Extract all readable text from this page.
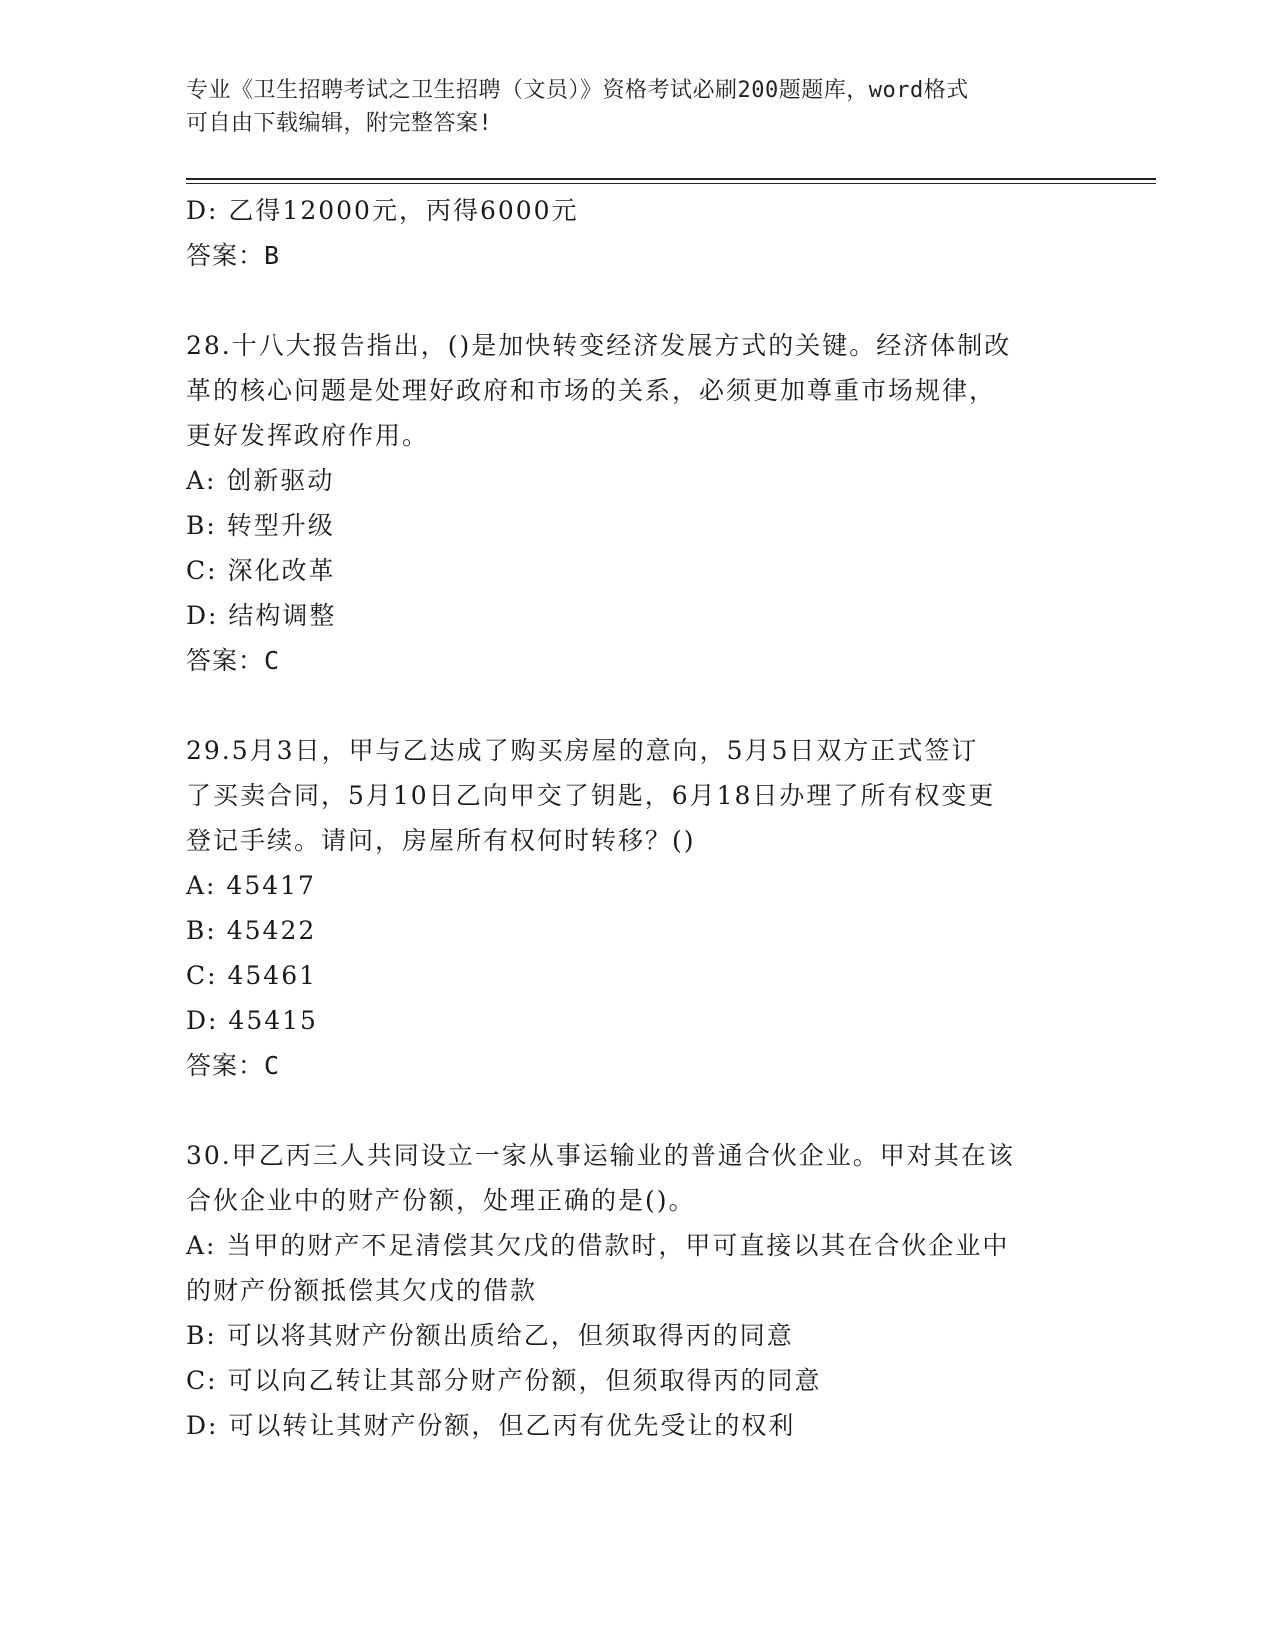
专业《卫生招聘考试之卫生招聘（文员）》资格考试必刷200题题库，word格式
可自由下载编辑，附完整答案!
D: 乙得12000元，丙得6000元
答案：B
28.十八大报告指出，()是加快转变经济发展方式的关键。经济体制改
革的核心问题是处理好政府和市场的关系，必须更加尊重市场规律，
更好发挥政府作用。
A: 创新驱动
B: 转型升级
C: 深化改革
D: 结构调整
答案：C
29.5月3日，甲与乙达成了购买房屋的意向，5月5日双方正式签订
了买卖合同，5月10日乙向甲交了钥匙，6月18日办理了所有权变更
登记手续。请问，房屋所有权何时转移？()
A: 45417
B: 45422
C: 45461
D: 45415
答案：C
30.甲乙丙三人共同设立一家从事运输业的普通合伙企业。甲对其在该
合伙企业中的财产份额，处理正确的是()。
A: 当甲的财产不足清偿其欠戊的借款时，甲可直接以其在合伙企业中
的财产份额抵偿其欠戊的借款
B: 可以将其财产份额出质给乙，但须取得丙的同意
C: 可以向乙转让其部分财产份额，但须取得丙的同意
D: 可以转让其财产份额，但乙丙有优先受让的权利
